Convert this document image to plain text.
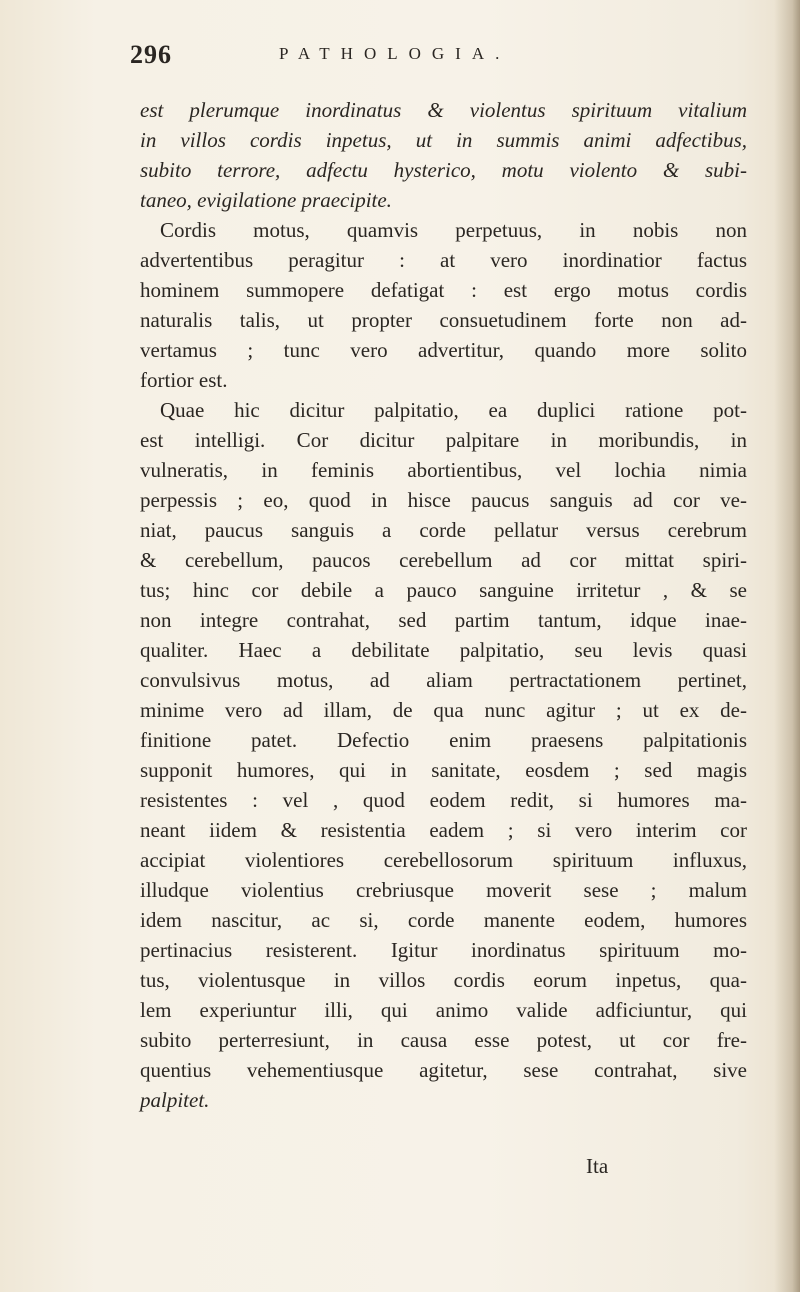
296	PATHOLOGIA.
est plerumque inordinatus & violentus spirituum vitalium
in villos cordis inpetus, ut in summis animi adfectibus,
subito terrore, adfectu hysterico, motu violento & subi-
taneo, evigilatione praecipite.
Cordis motus, quamvis perpetuus, in nobis non
advertentibus peragitur : at vero inordinatior factus
hominem summopere defatigat : est ergo motus cordis
naturalis talis, ut propter consuetudinem forte non ad-
vertamus ; tunc vero advertitur, quando more solito
fortior est.
Quae hic dicitur palpitatio, ea duplici ratione pot-
est intelligi. Cor dicitur palpitare in moribundis, in
vulneratis, in feminis abortientibus, vel lochia nimia
perpessis ; eo, quod in hisce paucus sanguis ad cor ve-
niat, paucus sanguis a corde pellatur versus cerebrum
& cerebellum, paucos cerebellum ad cor mittat spiri-
tus; hinc cor debile a pauco sanguine irritetur , & se
non integre contrahat, sed partim tantum, idque inae-
qualiter. Haec a debilitate palpitatio, seu levis quasi
convulsivus motus, ad aliam pertractationem pertinet,
minime vero ad illam, de qua nunc agitur ; ut ex de-
finitione patet. Defectio enim praesens palpitationis
supponit humores, qui in sanitate, eosdem ; sed magis
resistentes : vel , quod eodem redit, si humores ma-
neant iidem & resistentia eadem ; si vero interim cor
accipiat violentiores cerebellosorum spirituum influxus,
illudque violentius crebriusque moverit sese ; malum
idem nascitur, ac si, corde manente eodem, humores
pertinacius resisterent. Igitur inordinatus spirituum mo-
tus, violentusque in villos cordis eorum inpetus, qua-
lem experiuntur illi, qui animo valide adficiuntur, qui
subito perterresiunt, in causa esse potest, ut cor fre-
quentius vehementiusque agitetur, sese contrahat, sive
palpitet.
Ita
